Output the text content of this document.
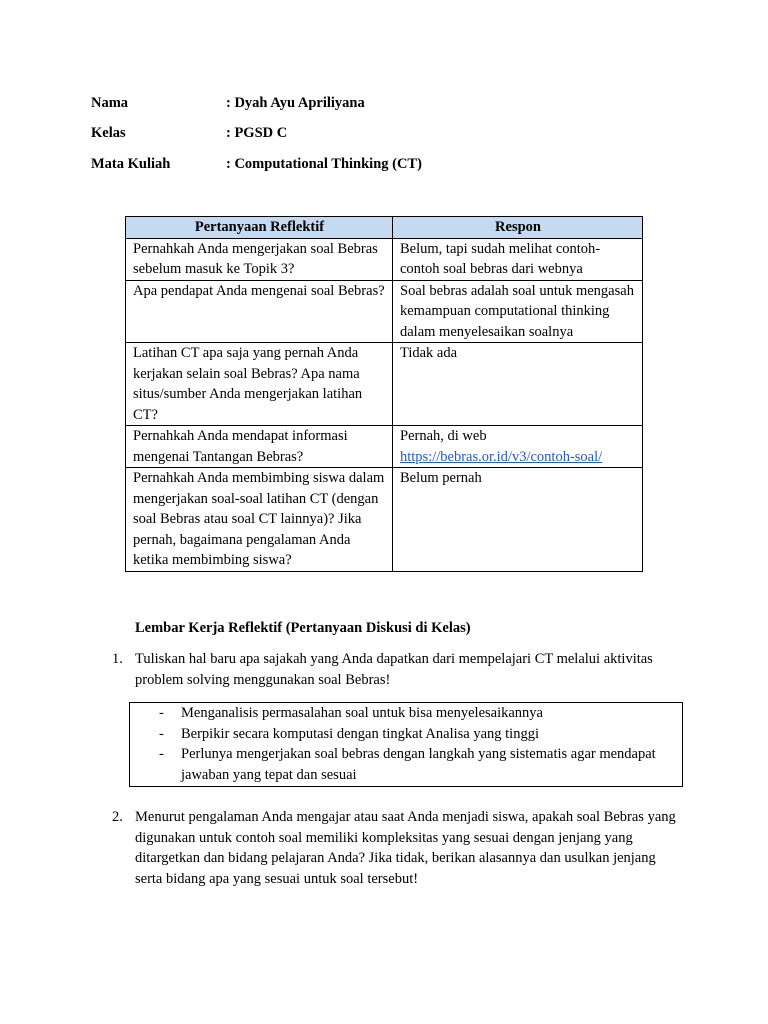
Nama	: Dyah Ayu Apriliyana
Kelas	: PGSD C
Mata Kuliah	: Computational Thinking (CT)
Pertanyaan Reflektif	Respon
Pernahkah Anda mengerjakan soal Bebras sebelum masuk ke Topik 3?	Belum, tapi sudah melihat contoh-contoh soal bebras dari webnya
Apa pendapat Anda mengenai soal Bebras?	Soal bebras adalah soal untuk mengasah kemampuan computational thinking dalam menyelesaikan soalnya
Latihan CT apa saja yang pernah Anda kerjakan selain soal Bebras? Apa nama situs/sumber Anda mengerjakan latihan CT?	Tidak ada
Pernahkah Anda mendapat informasi mengenai Tantangan Bebras?	Pernah, di web
https://bebras.or.id/v3/contoh-soal/
Pernahkah Anda membimbing siswa dalam mengerjakan soal-soal latihan CT (dengan soal Bebras atau soal CT lainnya)? Jika pernah, bagaimana pengalaman Anda ketika membimbing siswa?	Belum pernah
Lembar Kerja Reflektif (Pertanyaan Diskusi di Kelas)
1. Tuliskan hal baru apa sajakah yang Anda dapatkan dari mempelajari CT melalui aktivitas problem solving menggunakan soal Bebras!
- Menganalisis permasalahan soal untuk bisa menyelesaikannya
- Berpikir secara komputasi dengan tingkat Analisa yang tinggi
- Perlunya mengerjakan soal bebras dengan langkah yang sistematis agar mendapat jawaban yang tepat dan sesuai
2. Menurut pengalaman Anda mengajar atau saat Anda menjadi siswa, apakah soal Bebras yang digunakan untuk contoh soal memiliki kompleksitas yang sesuai dengan jenjang yang ditargetkan dan bidang pelajaran Anda? Jika tidak, berikan alasannya dan usulkan jenjang serta bidang apa yang sesuai untuk soal tersebut!
